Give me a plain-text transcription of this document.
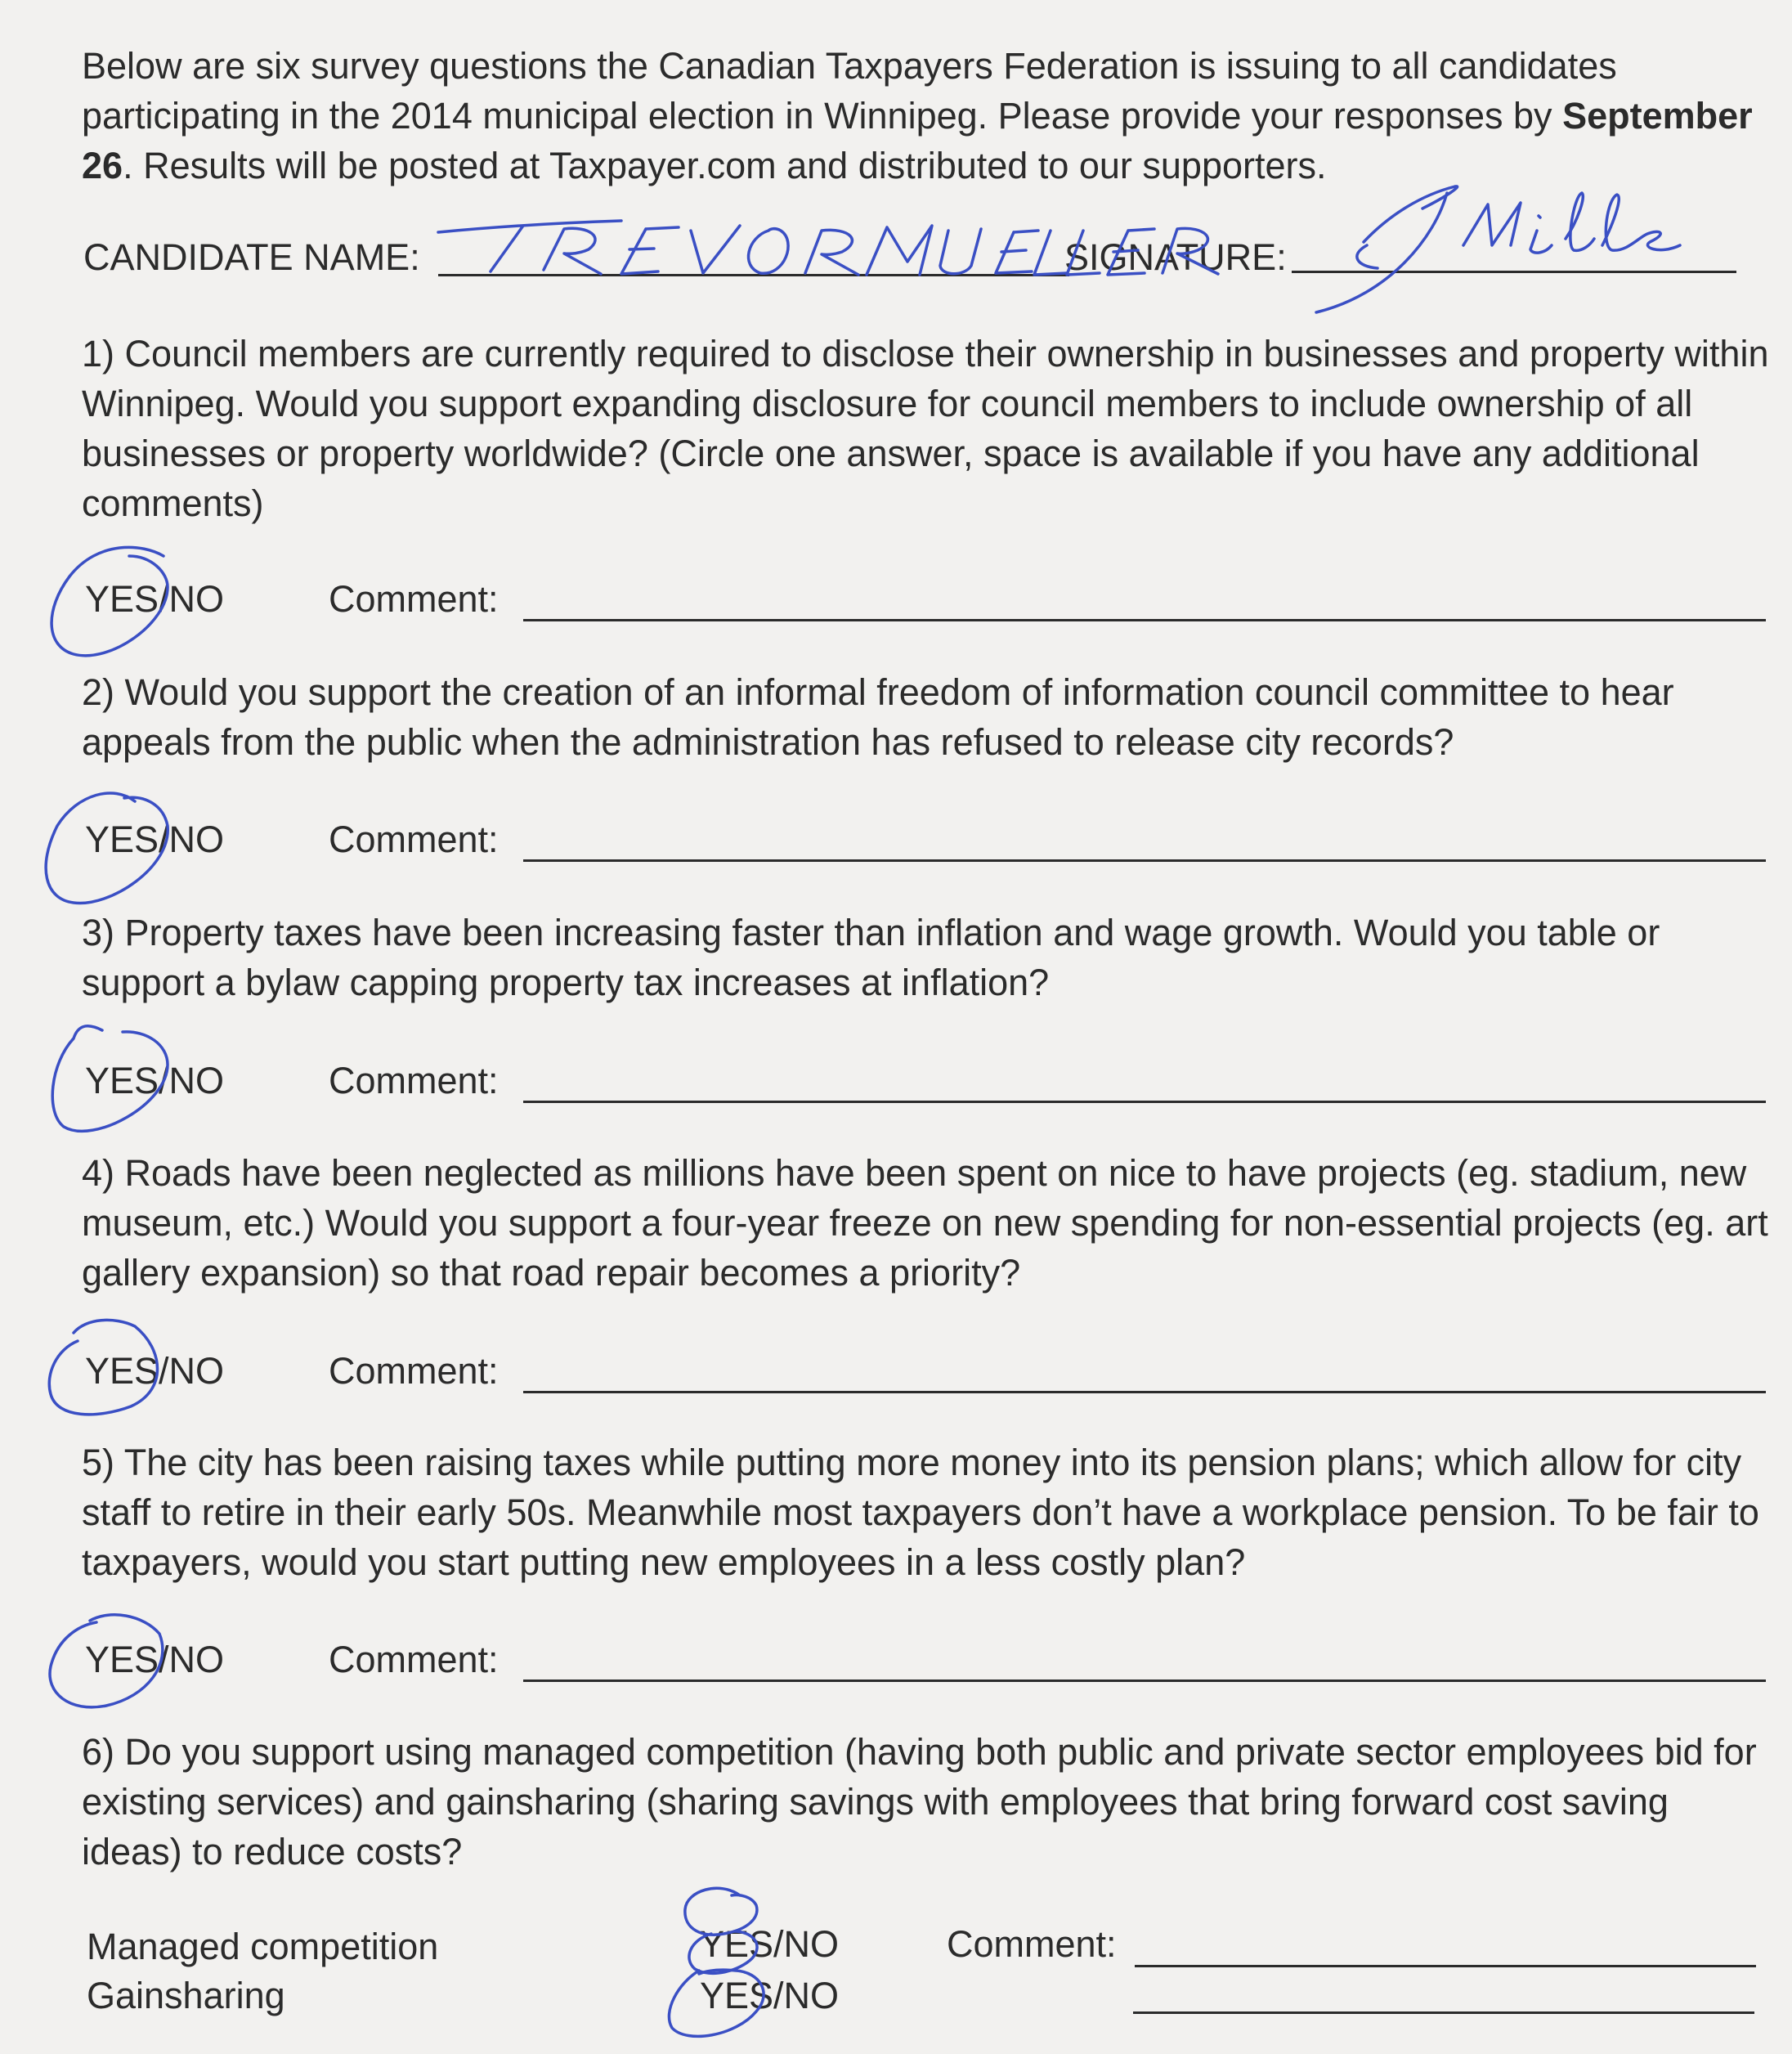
Below are six survey questions the Canadian Taxpayers Federation is issuing to all candidates participating in the 2014 municipal election in Winnipeg. Please provide your responses by September 26. Results will be posted at Taxpayer.com and distributed to our supporters.

CANDIDATE NAME:	SIGNATURE:

1) Council members are currently required to disclose their ownership in businesses and property within Winnipeg. Would you support expanding disclosure for council members to include ownership of all businesses or property worldwide? (Circle one answer, space is available if you have any additional comments)

YES/NO	Comment:

2) Would you support the creation of an informal freedom of information council committee to hear appeals from the public when the administration has refused to release city records?

YES/NO	Comment:

3) Property taxes have been increasing faster than inflation and wage growth. Would you table or support a bylaw capping property tax increases at inflation?

YES/NO	Comment:

4) Roads have been neglected as millions have been spent on nice to have projects (eg. stadium, new museum, etc.) Would you support a four-year freeze on new spending for non-essential projects (eg. art gallery expansion) so that road repair becomes a priority?

YES/NO	Comment:

5) The city has been raising taxes while putting more money into its pension plans; which allow for city staff to retire in their early 50s. Meanwhile most taxpayers don’t have a workplace pension. To be fair to taxpayers, would you start putting new employees in a less costly plan?

YES/NO	Comment:

6) Do you support using managed competition (having both public and private sector employees bid for existing services) and gainsharing (sharing savings with employees that bring forward cost saving ideas) to reduce costs?

Managed competition	YES/NO	Comment:
Gainsharing	YES/NO
